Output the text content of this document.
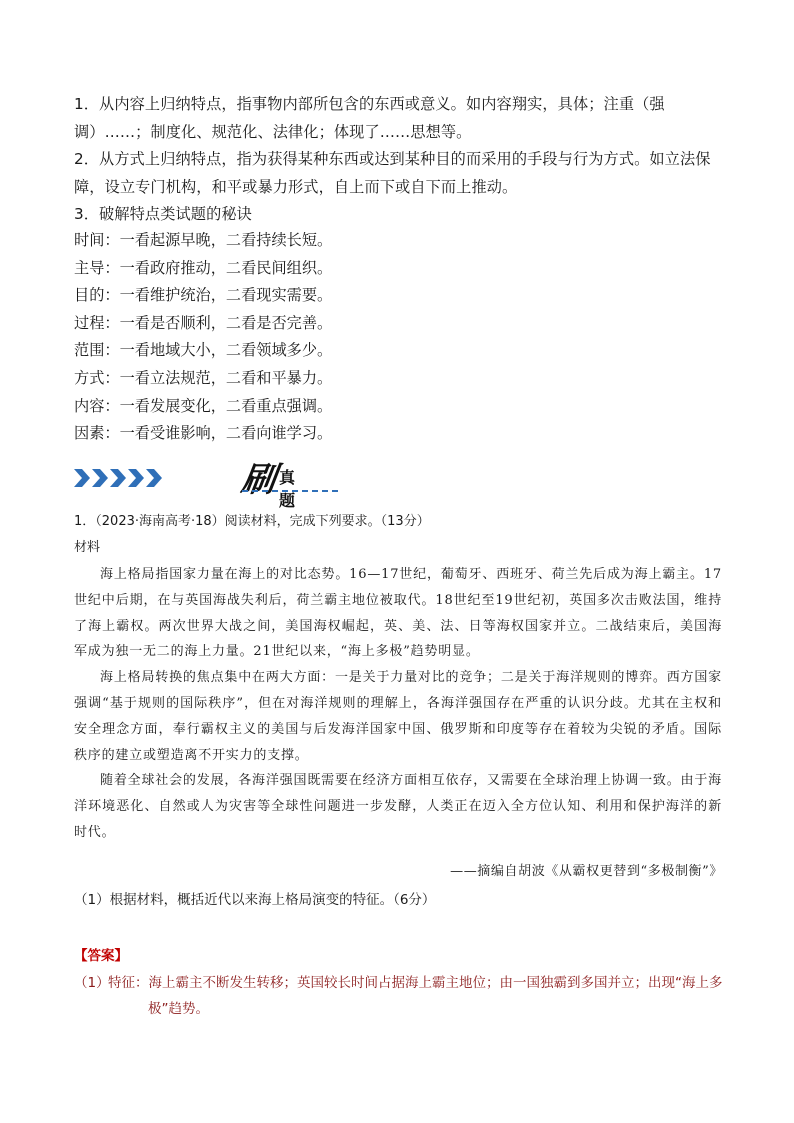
1．从内容上归纳特点，指事物内部所包含的东西或意义。如内容翔实，具体；注重（强调）……；制度化、规范化、法律化；体现了……思想等。

2．从方式上归纳特点，指为获得某种东西或达到某种目的而采用的手段与行为方式。如立法保障，设立专门机构，和平或暴力形式，自上而下或自下而上推动。

3．破解特点类试题的秘诀

时间：一看起源早晚，二看持续长短。

主导：一看政府推动，二看民间组织。

目的：一看维护统治，二看现实需要。

过程：一看是否顺利，二看是否完善。

范围：一看地域大小，二看领域多少。

方式：一看立法规范，二看和平暴力。

内容：一看发展变化，二看重点强调。

因素：一看受谁影响，二看向谁学习。

刷 真题
1．（2023·海南高考·18）阅读材料，完成下列要求。（13分）
材料

海上格局指国家力量在海上的对比态势。16—17世纪，葡萄牙、西班牙、荷兰先后成为海上霸主。17世纪中后期，在与英国海战失利后，荷兰霸主地位被取代。18世纪至19世纪初，英国多次击败法国，维持了海上霸权。两次世界大战之间，美国海权崛起，英、美、法、日等海权国家并立。二战结束后，美国海军成为独一无二的海上力量。21世纪以来，“海上多极”趋势明显。

海上格局转换的焦点集中在两大方面：一是关于力量对比的竞争；二是关于海洋规则的博弈。西方国家强调“基于规则的国际秩序”，但在对海洋规则的理解上，各海洋强国存在严重的认识分歧。尤其在主权和安全理念方面，奉行霸权主义的美国与后发海洋国家中国、俄罗斯和印度等存在着较为尖锐的矛盾。国际秩序的建立或塑造离不开实力的支撑。

随着全球社会的发展，各海洋强国既需要在经济方面相互依存，又需要在全球治理上协调一致。由于海洋环境恶化、自然或人为灾害等全球性问题进一步发酵，人类正在迈入全方位认知、利用和保护海洋的新时代。

——摘编自胡波《从霸权更替到“多极制衡”》
（1）根据材料，概括近代以来海上格局演变的特征。（6分）
【答案】
（1）
特征：海上霸主不断发生转移；英国较长时间占据海上霸主地位；由一国独霸到多国并立；出现“海上多极”趋势。
